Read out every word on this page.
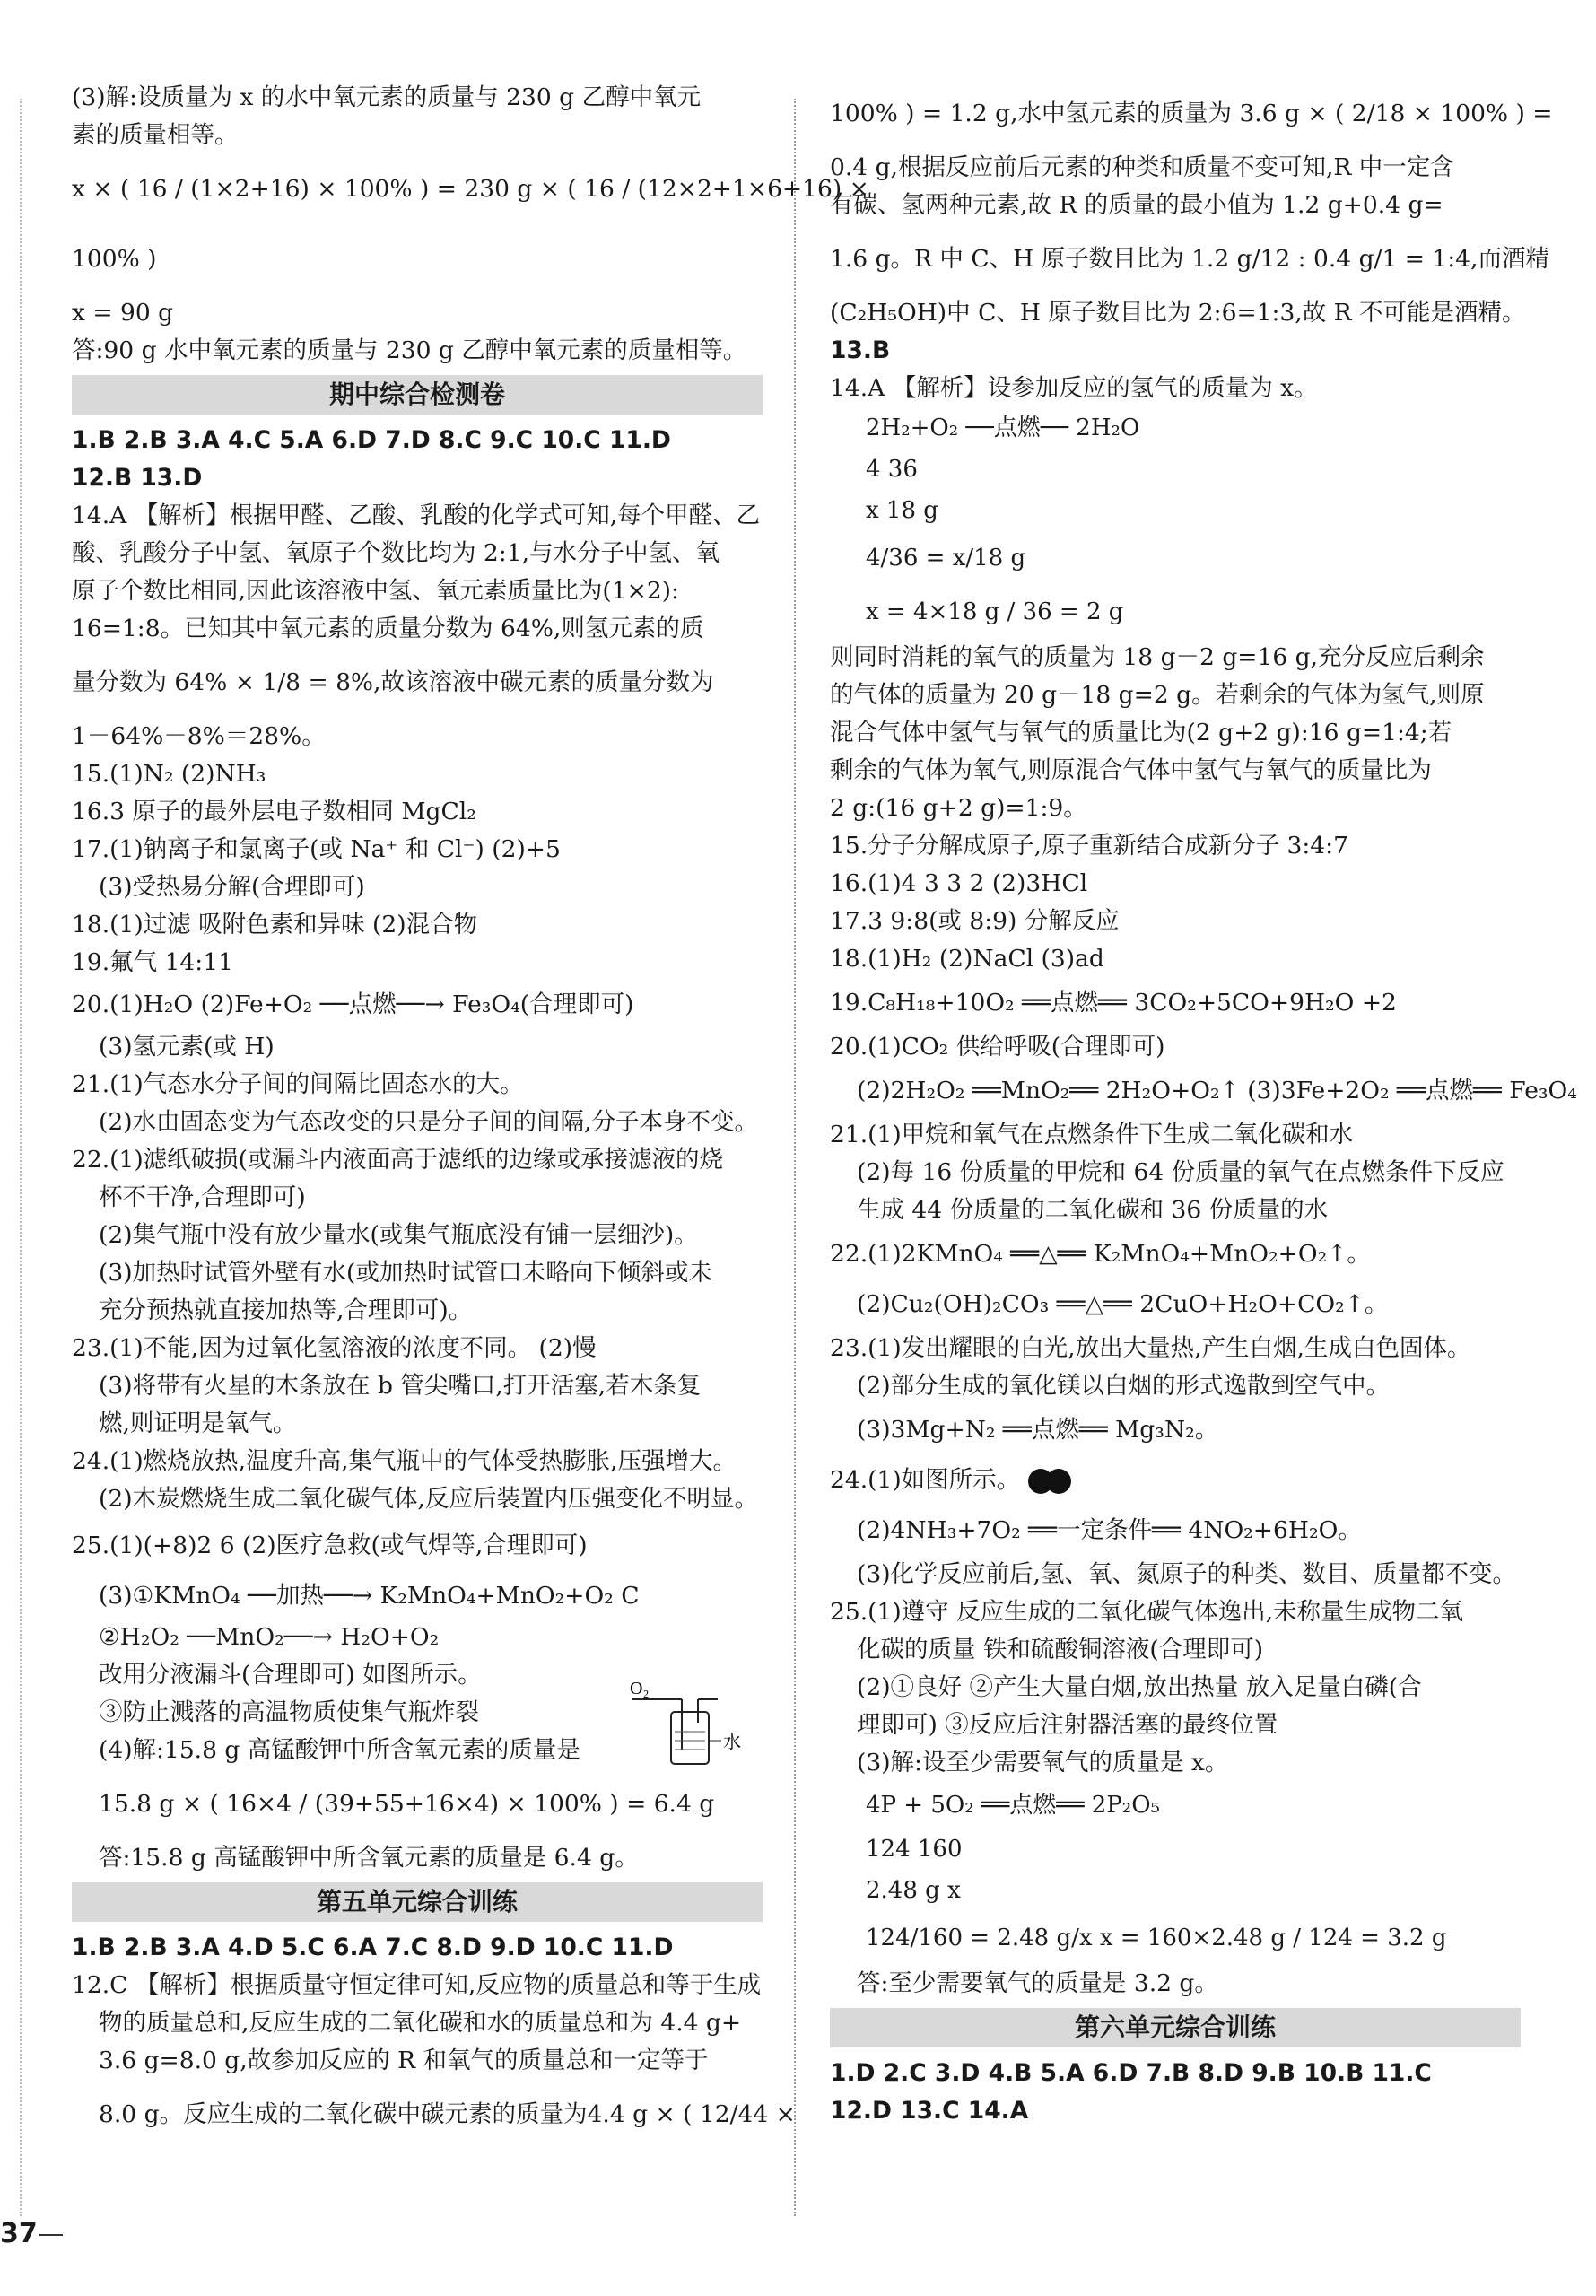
(3)解:设质量为 x 的水中氧元素的质量与 230 g 乙醇中氧元
素的质量相等。
x × ( 16 / (1×2+16) × 100% ) = 230 g × ( 16 / (12×2+1×6+16) ×
100% )
x = 90 g
答:90 g 水中氧元素的质量与 230 g 乙醇中氧元素的质量相等。
期中综合检测卷
1.B 2.B 3.A 4.C 5.A 6.D 7.D 8.C 9.C 10.C 11.D
12.B 13.D
14.A 【解析】根据甲醛、乙酸、乳酸的化学式可知,每个甲醛、乙
酸、乳酸分子中氢、氧原子个数比均为 2:1,与水分子中氢、氧
原子个数比相同,因此该溶液中氢、氧元素质量比为(1×2):
16=1:8。已知其中氧元素的质量分数为 64%,则氢元素的质
量分数为 64% × 1/8 = 8%,故该溶液中碳元素的质量分数为
1－64%－8%＝28%。
15.(1)N₂ (2)NH₃
16.3 原子的最外层电子数相同 MgCl₂
17.(1)钠离子和氯离子(或 Na⁺ 和 Cl⁻) (2)+5
(3)受热易分解(合理即可)
18.(1)过滤 吸附色素和异味 (2)混合物
19.氟气 14:11
20.(1)H₂O (2)Fe+O₂ ──点燃──→ Fe₃O₄(合理即可)
(3)氢元素(或 H)
21.(1)气态水分子间的间隔比固态水的大。
(2)水由固态变为气态改变的只是分子间的间隔,分子本身不变。
22.(1)滤纸破损(或漏斗内液面高于滤纸的边缘或承接滤液的烧
杯不干净,合理即可)
(2)集气瓶中没有放少量水(或集气瓶底没有铺一层细沙)。
(3)加热时试管外壁有水(或加热时试管口未略向下倾斜或未
充分预热就直接加热等,合理即可)。
23.(1)不能,因为过氧化氢溶液的浓度不同。 (2)慢
(3)将带有火星的木条放在 b 管尖嘴口,打开活塞,若木条复
燃,则证明是氧气。
24.(1)燃烧放热,温度升高,集气瓶中的气体受热膨胀,压强增大。
(2)木炭燃烧生成二氧化碳气体,反应后装置内压强变化不明显。
25.(1)(+8)2 6 (2)医疗急救(或气焊等,合理即可)
(3)①KMnO₄ ──加热──→ K₂MnO₄+MnO₂+O₂ C
②H₂O₂ ──MnO₂──→ H₂O+O₂
改用分液漏斗(合理即可) 如图所示。
③防止溅落的高温物质使集气瓶炸裂
(4)解:15.8 g 高锰酸钾中所含氧元素的质量是
15.8 g × ( 16×4 / (39+55+16×4) × 100% ) = 6.4 g
答:15.8 g 高锰酸钾中所含氧元素的质量是 6.4 g。
第五单元综合训练
1.B 2.B 3.A 4.D 5.C 6.A 7.C 8.D 9.D 10.C 11.D
12.C 【解析】根据质量守恒定律可知,反应物的质量总和等于生成
物的质量总和,反应生成的二氧化碳和水的质量总和为 4.4 g+
3.6 g=8.0 g,故参加反应的 R 和氧气的质量总和一定等于
8.0 g。反应生成的二氧化碳中碳元素的质量为4.4 g × ( 12/44 ×
O₂
水
100% ) = 1.2 g,水中氢元素的质量为 3.6 g × ( 2/18 × 100% ) =
0.4 g,根据反应前后元素的种类和质量不变可知,R 中一定含
有碳、氢两种元素,故 R 的质量的最小值为 1.2 g+0.4 g=
1.6 g。R 中 C、H 原子数目比为 1.2 g/12 : 0.4 g/1 = 1:4,而酒精
(C₂H₅OH)中 C、H 原子数目比为 2:6=1:3,故 R 不可能是酒精。
13.B
14.A 【解析】设参加反应的氢气的质量为 x。
2H₂+O₂ ──点燃── 2H₂O
4 36
x 18 g
4/36 = x/18 g
x = 4×18 g / 36 = 2 g
则同时消耗的氧气的质量为 18 g－2 g=16 g,充分反应后剩余
的气体的质量为 20 g－18 g=2 g。若剩余的气体为氢气,则原
混合气体中氢气与氧气的质量比为(2 g+2 g):16 g=1:4;若
剩余的气体为氧气,则原混合气体中氢气与氧气的质量比为
2 g:(16 g+2 g)=1:9。
15.分子分解成原子,原子重新结合成新分子 3:4:7
16.(1)4 3 3 2 (2)3HCl
17.3 9:8(或 8:9) 分解反应
18.(1)H₂ (2)NaCl (3)ad
19.C₈H₁₈+10O₂ ══点燃══ 3CO₂+5CO+9H₂O +2
20.(1)CO₂ 供给呼吸(合理即可)
(2)2H₂O₂ ══MnO₂══ 2H₂O+O₂↑ (3)3Fe+2O₂ ══点燃══ Fe₃O₄
21.(1)甲烷和氧气在点燃条件下生成二氧化碳和水
(2)每 16 份质量的甲烷和 64 份质量的氧气在点燃条件下反应
生成 44 份质量的二氧化碳和 36 份质量的水
22.(1)2KMnO₄ ══△══ K₂MnO₄+MnO₂+O₂↑。
(2)Cu₂(OH)₂CO₃ ══△══ 2CuO+H₂O+CO₂↑。
23.(1)发出耀眼的白光,放出大量热,产生白烟,生成白色固体。
(2)部分生成的氧化镁以白烟的形式逸散到空气中。
(3)3Mg+N₂ ══点燃══ Mg₃N₂。
24.(1)如图所示。
(2)4NH₃+7O₂ ══一定条件══ 4NO₂+6H₂O。
(3)化学反应前后,氢、氧、氮原子的种类、数目、质量都不变。
25.(1)遵守 反应生成的二氧化碳气体逸出,未称量生成物二氧
化碳的质量 铁和硫酸铜溶液(合理即可)
(2)①良好 ②产生大量白烟,放出热量 放入足量白磷(合
理即可) ③反应后注射器活塞的最终位置
(3)解:设至少需要氧气的质量是 x。
4P + 5O₂ ══点燃══ 2P₂O₅
124 160
2.48 g x
124/160 = 2.48 g/x x = 160×2.48 g / 124 = 3.2 g
答:至少需要氧气的质量是 3.2 g。
第六单元综合训练
1.D 2.C 3.D 4.B 5.A 6.D 7.B 8.D 9.B 10.B 11.C
12.D 13.C 14.A
37
